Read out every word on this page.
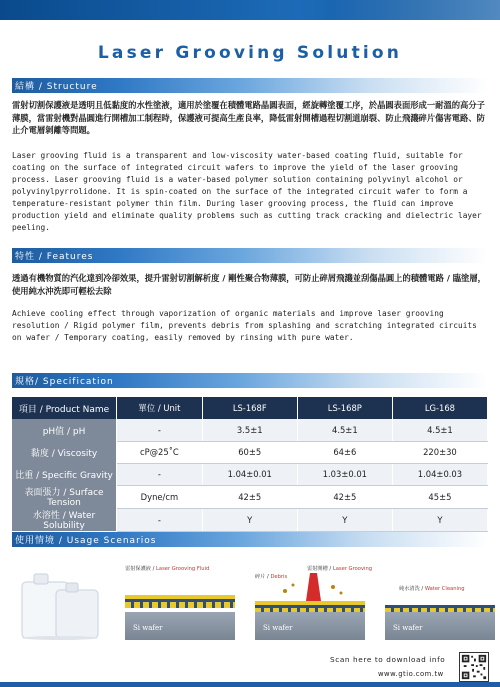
Laser Grooving Solution
結構 / Structure
雷射切割保護液是透明且低黏度的水性塗液，適用於塗覆在積體電路晶圓表面，經旋轉塗覆工序，於晶圓表面形成一耐溫的高分子薄膜，當雷射機對晶圓進行開槽加工制程時，保護液可提高生產良率，降低雷射開槽過程切割道崩裂、防止飛濺碎片傷害電路、防止介電層剝離等問題。
Laser grooving fluid is a transparent and low-viscosity water-based coating fluid, suitable for coating on the surface of integrated circuit wafers to improve the yield of the laser grooving process. Laser grooving fluid is a water-based polymer solution containing polyvinyl alcohol or polyvinylpyrrolidone. It is spin-coated on the surface of the integrated circuit wafer to form a temperature-resistant polymer thin film. During laser grooving process, the fluid can improve production yield and eliminate quality problems such as cutting track cracking and dielectric layer peeling.
特性 / Features
透過有機物質的汽化達到冷卻效果，提升雷射切割解析度 / 剛性聚合物薄膜，可防止碎屑飛濺並刮傷晶圓上的積體電路 / 臨塗層，使用純水沖洗即可輕松去除
Achieve cooling effect through vaporization of organic materials and improve laser grooving resolution / Rigid polymer film, prevents debris from splashing and scratching integrated circuits on wafer / Temporary coating, easily removed by rinsing with pure water.
規格/ Specification
項目 / Product Name	單位 / Unit	LS-168F	LS-168P	LG-168
pH值 / pH	-	3.5±1	4.5±1	4.5±1
黏度 / Viscosity	cP@25˚C	60±5	64±6	220±30
比重 / Specific Gravity	-	1.04±0.01	1.03±0.01	1.04±0.03
表面張力 / Surface Tension	Dyne/cm	42±5	42±5	45±5
水溶性 / Water Solubility	-	Y	Y	Y
使用情境 / Usage Scenarios
雷射保護液 / Laser Grooving Fluid
Si wafer
碎片 / Debris
雷射開槽 / Laser Grooving
Si wafer
純水清洗 / Water Cleaning
Si wafer
Scan here to download info
www.gtio.com.tw
